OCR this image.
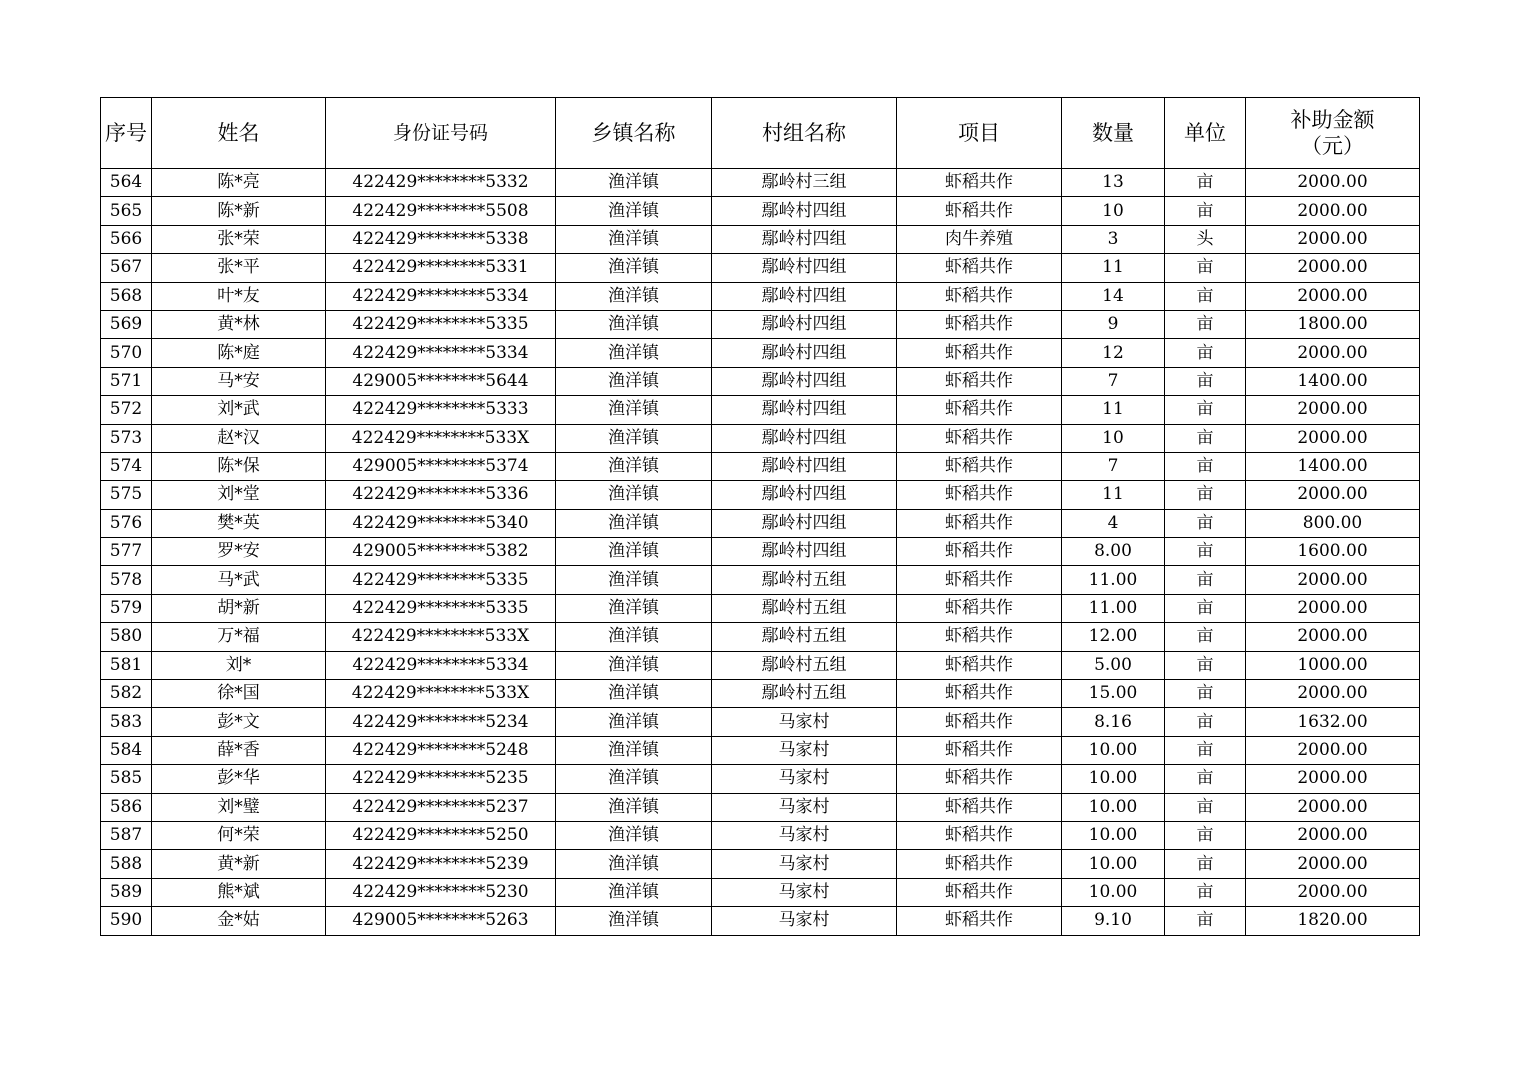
序号	姓名	身份证号码	乡镇名称	村组名称	项目	数量	单位	补助金额
（元）

564	陈*亮	422429********5332	渔洋镇	鄢岭村三组	虾稻共作	13	亩	2000.00
565	陈*新	422429********5508	渔洋镇	鄢岭村四组	虾稻共作	10	亩	2000.00
566	张*荣	422429********5338	渔洋镇	鄢岭村四组	肉牛养殖	3	头	2000.00
567	张*平	422429********5331	渔洋镇	鄢岭村四组	虾稻共作	11	亩	2000.00
568	叶*友	422429********5334	渔洋镇	鄢岭村四组	虾稻共作	14	亩	2000.00
569	黄*林	422429********5335	渔洋镇	鄢岭村四组	虾稻共作	9	亩	1800.00
570	陈*庭	422429********5334	渔洋镇	鄢岭村四组	虾稻共作	12	亩	2000.00
571	马*安	429005********5644	渔洋镇	鄢岭村四组	虾稻共作	7	亩	1400.00
572	刘*武	422429********5333	渔洋镇	鄢岭村四组	虾稻共作	11	亩	2000.00
573	赵*汉	422429********533X	渔洋镇	鄢岭村四组	虾稻共作	10	亩	2000.00
574	陈*保	429005********5374	渔洋镇	鄢岭村四组	虾稻共作	7	亩	1400.00
575	刘*堂	422429********5336	渔洋镇	鄢岭村四组	虾稻共作	11	亩	2000.00
576	樊*英	422429********5340	渔洋镇	鄢岭村四组	虾稻共作	4	亩	800.00
577	罗*安	429005********5382	渔洋镇	鄢岭村四组	虾稻共作	8.00	亩	1600.00
578	马*武	422429********5335	渔洋镇	鄢岭村五组	虾稻共作	11.00	亩	2000.00
579	胡*新	422429********5335	渔洋镇	鄢岭村五组	虾稻共作	11.00	亩	2000.00
580	万*福	422429********533X	渔洋镇	鄢岭村五组	虾稻共作	12.00	亩	2000.00
581	刘*	422429********5334	渔洋镇	鄢岭村五组	虾稻共作	5.00	亩	1000.00
582	徐*国	422429********533X	渔洋镇	鄢岭村五组	虾稻共作	15.00	亩	2000.00
583	彭*文	422429********5234	渔洋镇	马家村	虾稻共作	8.16	亩	1632.00
584	薛*香	422429********5248	渔洋镇	马家村	虾稻共作	10.00	亩	2000.00
585	彭*华	422429********5235	渔洋镇	马家村	虾稻共作	10.00	亩	2000.00
586	刘*璧	422429********5237	渔洋镇	马家村	虾稻共作	10.00	亩	2000.00
587	何*荣	422429********5250	渔洋镇	马家村	虾稻共作	10.00	亩	2000.00
588	黄*新	422429********5239	渔洋镇	马家村	虾稻共作	10.00	亩	2000.00
589	熊*斌	422429********5230	渔洋镇	马家村	虾稻共作	10.00	亩	2000.00
590	金*姑	429005********5263	渔洋镇	马家村	虾稻共作	9.10	亩	1820.00
